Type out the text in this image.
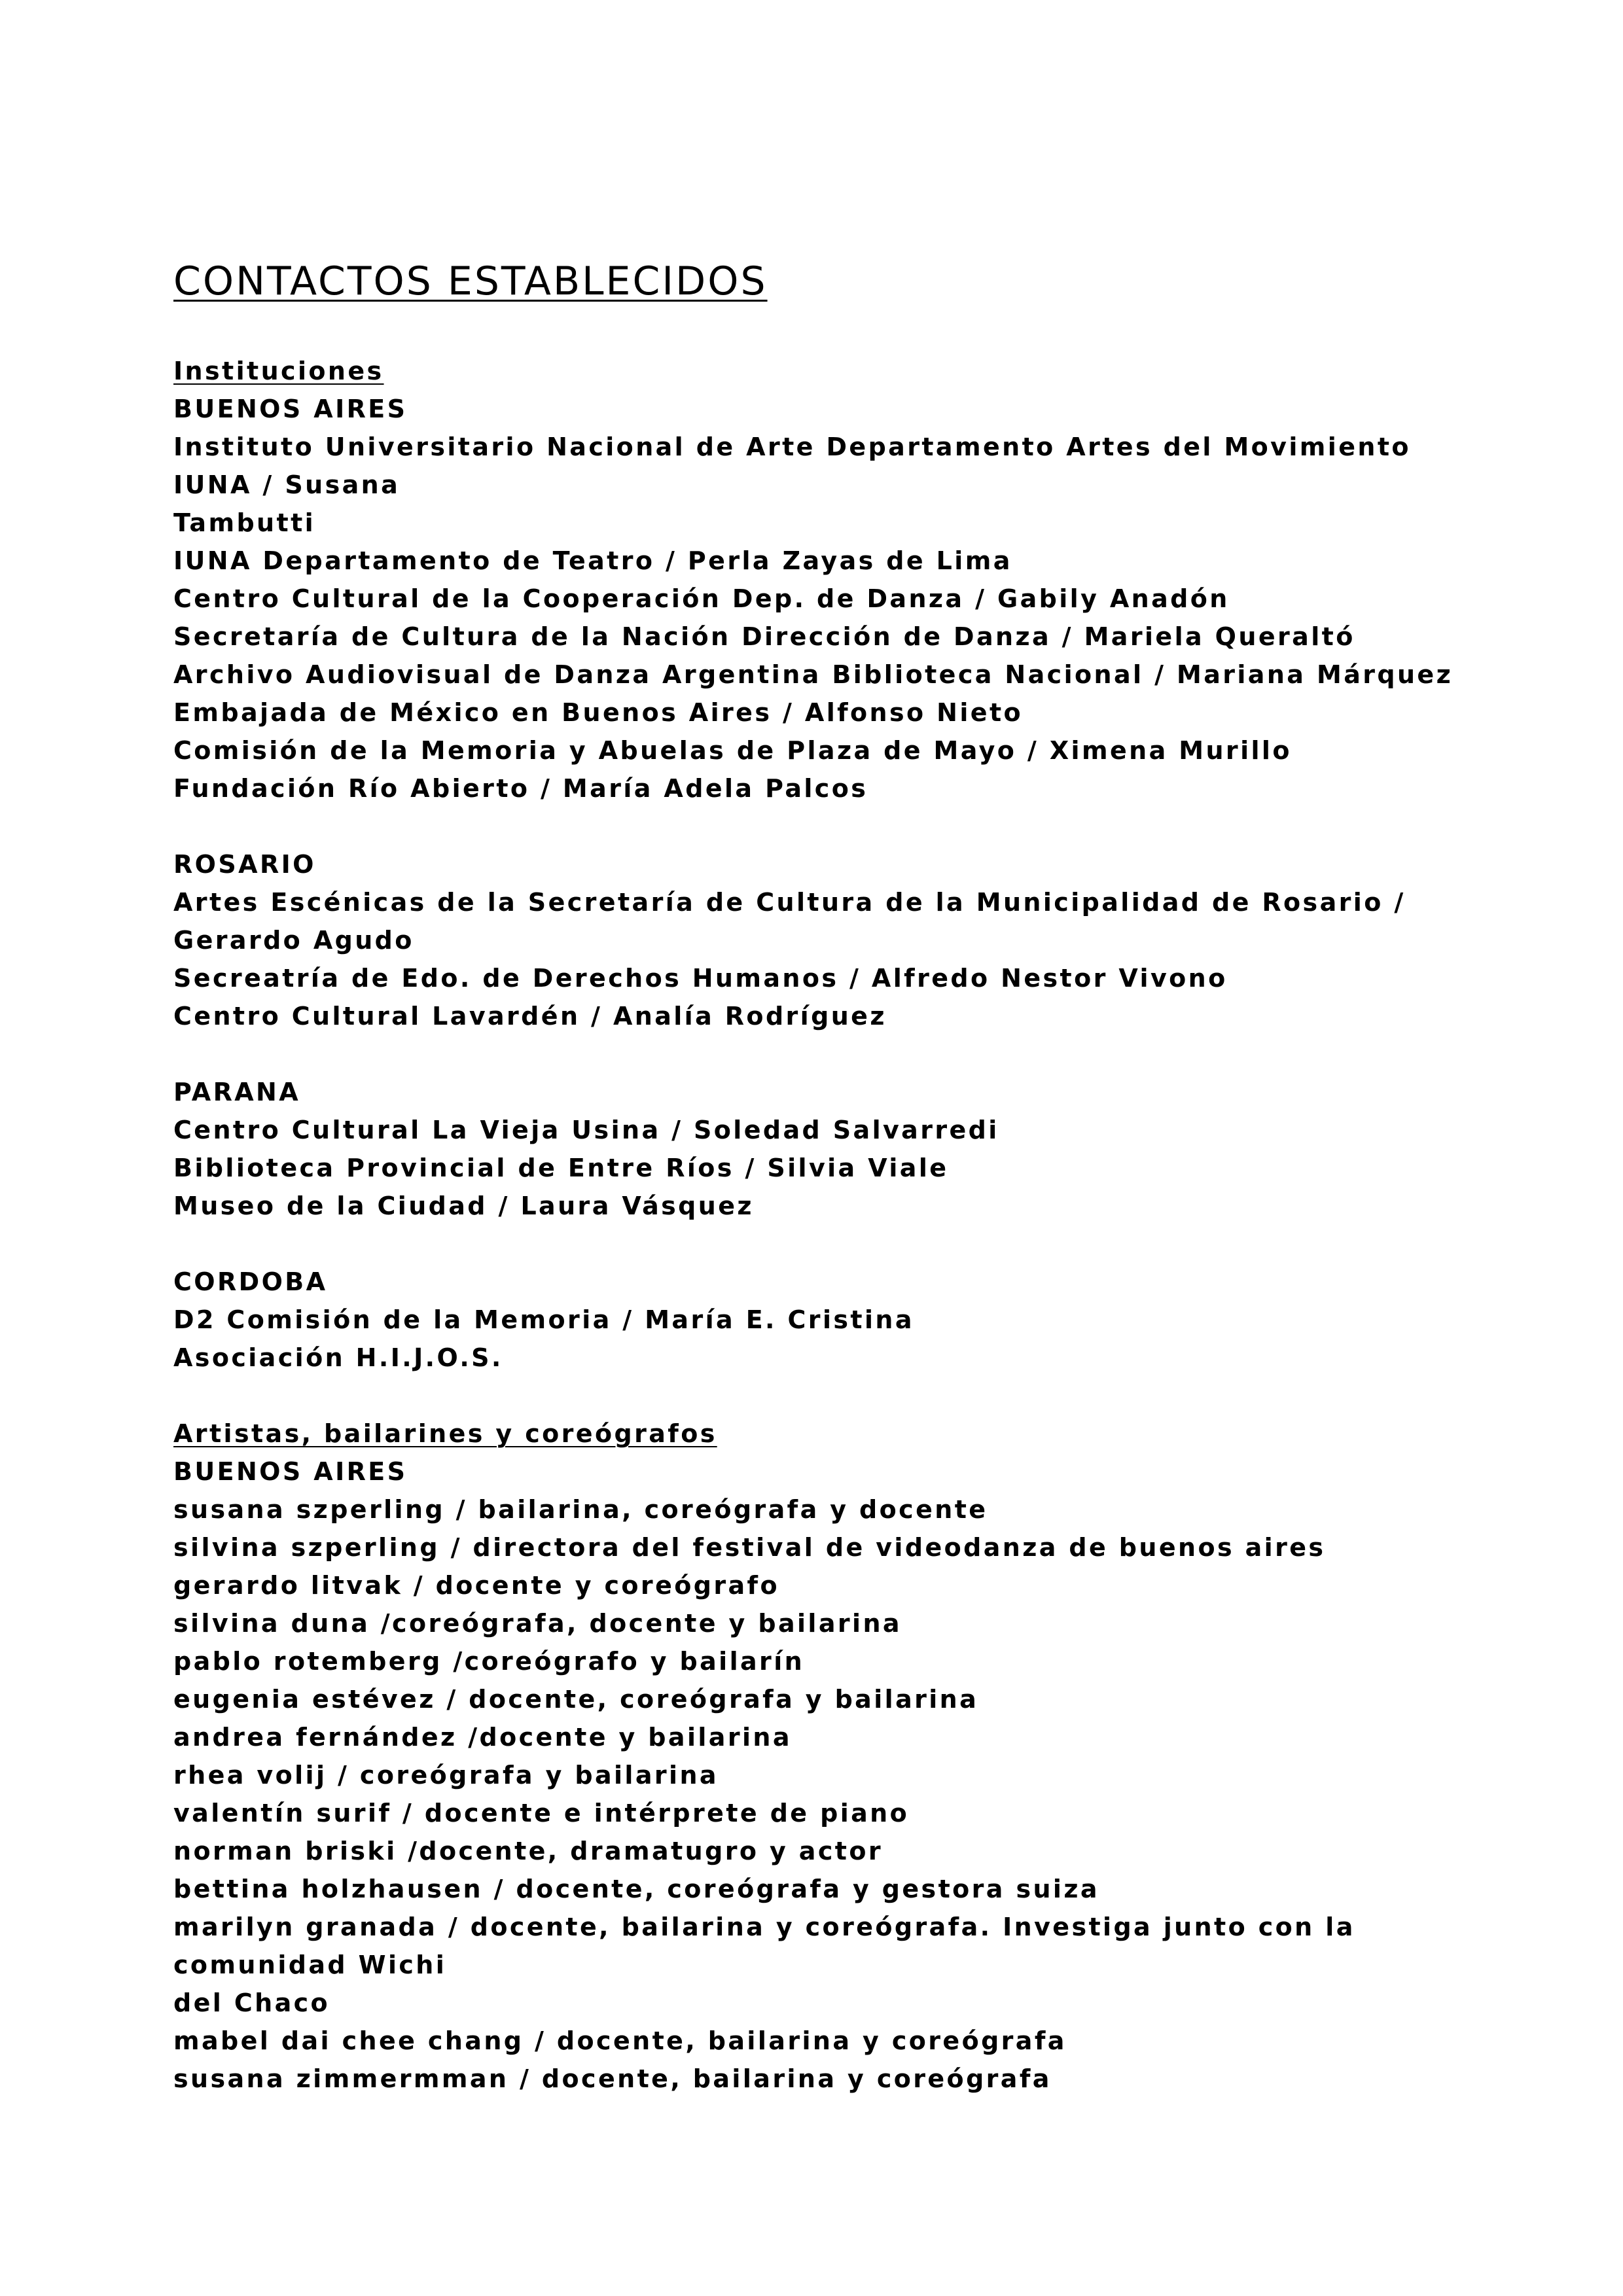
CONTACTOS ESTABLECIDOS

Instituciones

BUENOS AIRES

Instituto Universitario Nacional de Arte Departamento Artes del Movimiento IUNA / Susana

Tambutti

IUNA Departamento de Teatro / Perla Zayas de Lima

Centro Cultural de la Cooperación Dep. de Danza / Gabily Anadón

Secretaría de Cultura de la Nación Dirección de Danza / Mariela Queraltó

Archivo Audiovisual de Danza Argentina Biblioteca Nacional / Mariana Márquez

Embajada de México en Buenos Aires / Alfonso Nieto

Comisión de la Memoria y Abuelas de Plaza de Mayo / Ximena Murillo

Fundación Río Abierto / María Adela Palcos

ROSARIO

Artes Escénicas de la Secretaría de Cultura de la Municipalidad de Rosario / Gerardo Agudo

Secreatría de Edo. de Derechos Humanos / Alfredo Nestor Vivono

Centro Cultural Lavardén / Analía Rodríguez

PARANA

Centro Cultural La Vieja Usina / Soledad Salvarredi

Biblioteca Provincial de Entre Ríos / Silvia Viale

Museo de la Ciudad / Laura Vásquez

CORDOBA

D2 Comisión de la Memoria / María E. Cristina

Asociación H.I.J.O.S.

Artistas, bailarines y coreógrafos

BUENOS AIRES

susana szperling / bailarina, coreógrafa y docente

silvina szperling / directora del festival de videodanza de buenos aires

gerardo litvak / docente y coreógrafo

silvina duna /coreógrafa, docente y bailarina

pablo rotemberg /coreógrafo y bailarín

eugenia estévez / docente, coreógrafa y bailarina

andrea fernández /docente y bailarina

rhea volij / coreógrafa y bailarina

valentín surif / docente e intérprete de piano

norman briski /docente, dramatugro y actor

bettina holzhausen / docente, coreógrafa y gestora suiza

marilyn granada / docente, bailarina y coreógrafa. Investiga junto con la comunidad Wichi

del Chaco

mabel dai chee chang / docente, bailarina y coreógrafa

susana zimmermman / docente, bailarina y coreógrafa
